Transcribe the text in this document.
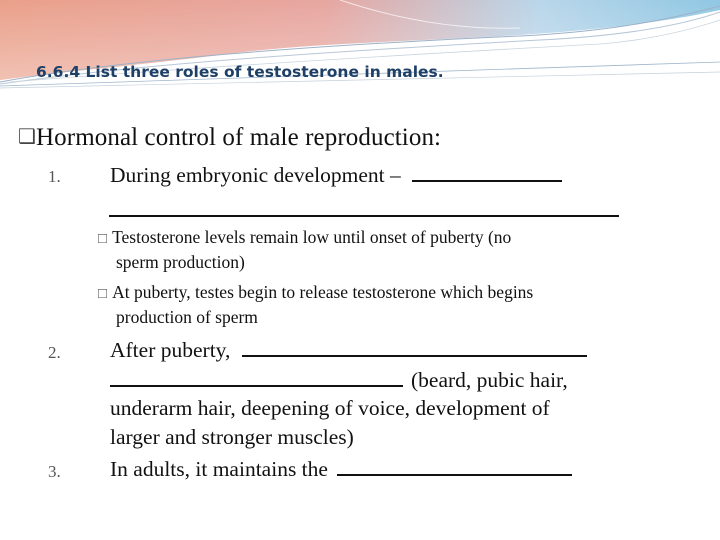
6.6.4 List three roles of testosterone in males.
❑Hormonal control of male reproduction:
1. During embryonic development –
□ Testosterone levels remain low until onset of puberty (no
sperm production)
□ At puberty, testes begin to release testosterone which begins
production of sperm
2. After puberty,
(beard, pubic hair,
underarm hair, deepening of voice, development of
larger and stronger muscles)
3. In adults, it maintains the
